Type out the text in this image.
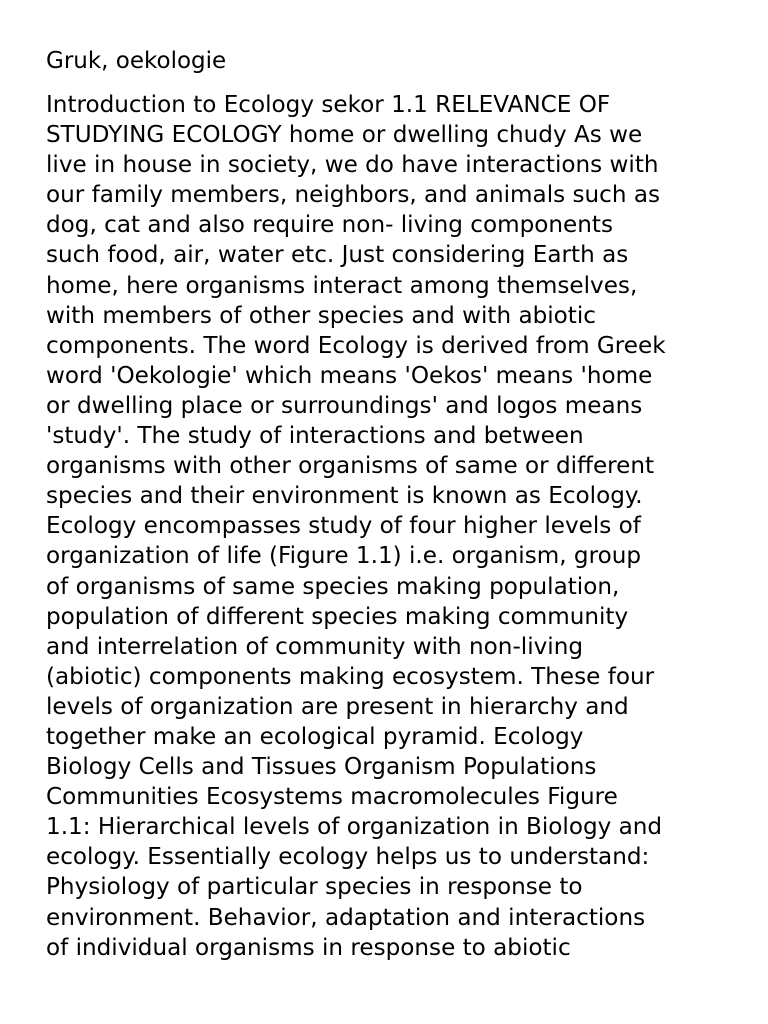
Gruk, oekologie
Introduction to Ecology sekor 1.1 RELEVANCE OF
STUDYING ECOLOGY home or dwelling chudy As we
live in house in society, we do have interactions with
our family members, neighbors, and animals such as
dog, cat and also require non- living components
such food, air, water etc. Just considering Earth as
home, here organisms interact among themselves,
with members of other species and with abiotic
components. The word Ecology is derived from Greek
word 'Oekologie' which means 'Oekos' means 'home
or dwelling place or surroundings' and logos means
'study'. The study of interactions and between
organisms with other organisms of same or different
species and their environment is known as Ecology.
Ecology encompasses study of four higher levels of
organization of life (Figure 1.1) i.e. organism, group
of organisms of same species making population,
population of different species making community
and interrelation of community with non-living
(abiotic) components making ecosystem. These four
levels of organization are present in hierarchy and
together make an ecological pyramid. Ecology
Biology Cells and Tissues Organism Populations
Communities Ecosystems macromolecules Figure
1.1: Hierarchical levels of organization in Biology and
ecology. Essentially ecology helps us to understand:
Physiology of particular species in response to
environment. Behavior, adaptation and interactions
of individual organisms in response to abiotic
